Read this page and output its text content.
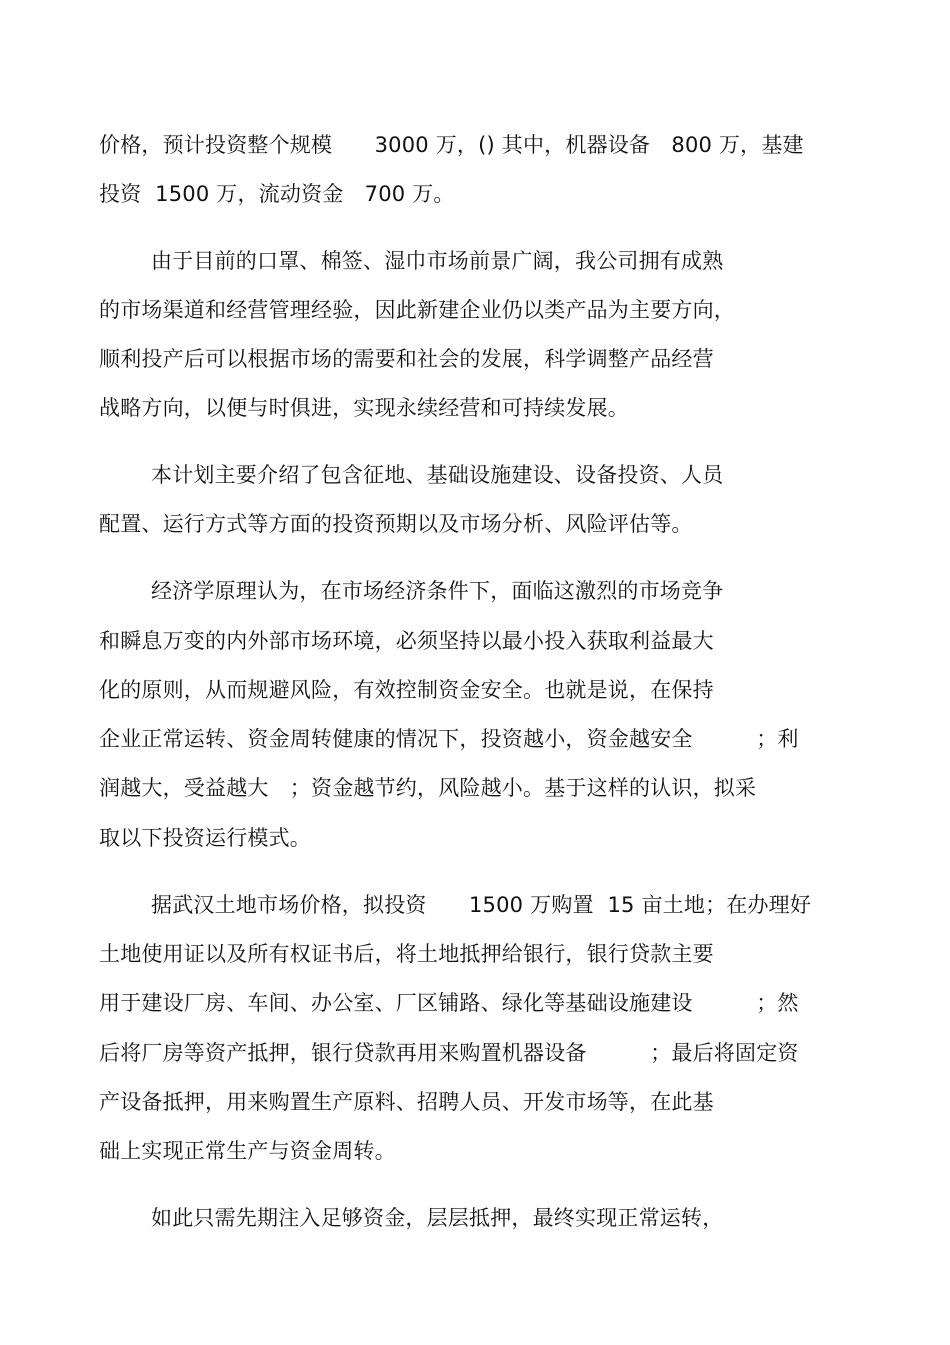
价格，预计投资整个规模　　3000 万，() 其中，机器设备　800 万，基建
投资  1500 万，流动资金　700 万。
由于目前的口罩、棉签、湿巾市场前景广阔，我公司拥有成熟
的市场渠道和经营管理经验，因此新建企业仍以类产品为主要方向，
顺利投产后可以根据市场的需要和社会的发展，科学调整产品经营
战略方向，以便与时俱进，实现永续经营和可持续发展。
本计划主要介绍了包含征地、基础设施建设、设备投资、人员
配置、运行方式等方面的投资预期以及市场分析、风险评估等。
经济学原理认为，在市场经济条件下，面临这激烈的市场竞争
和瞬息万变的内外部市场环境，必须坚持以最小投入获取利益最大
化的原则，从而规避风险，有效控制资金安全。也就是说，在保持
企业正常运转、资金周转健康的情况下，投资越小，资金越安全　　　；利
润越大，受益越大　；资金越节约，风险越小。基于这样的认识，拟采
取以下投资运行模式。
据武汉土地市场价格，拟投资　　1500 万购置  15 亩土地；在办理好
土地使用证以及所有权证书后，将土地抵押给银行，银行贷款主要
用于建设厂房、车间、办公室、厂区铺路、绿化等基础设施建设　　　；然
后将厂房等资产抵押，银行贷款再用来购置机器设备　　　；最后将固定资
产设备抵押，用来购置生产原料、招聘人员、开发市场等，在此基
础上实现正常生产与资金周转。
如此只需先期注入足够资金，层层抵押，最终实现正常运转，
